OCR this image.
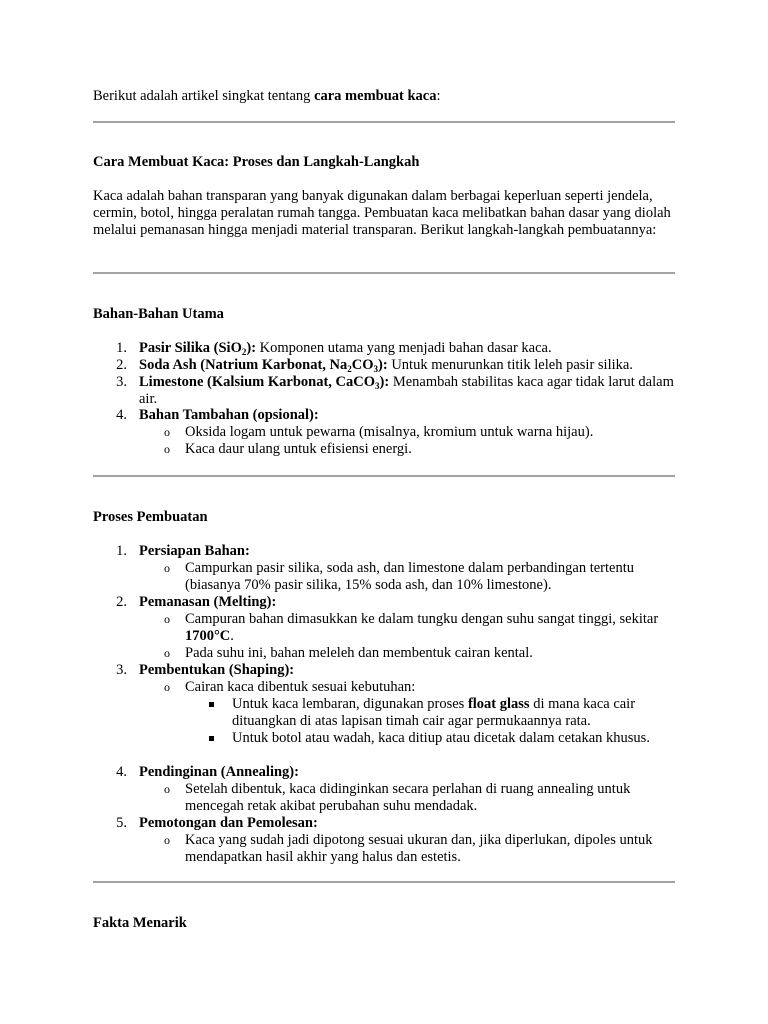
Berikut adalah artikel singkat tentang cara membuat kaca:

Cara Membuat Kaca: Proses dan Langkah-Langkah

Kaca adalah bahan transparan yang banyak digunakan dalam berbagai keperluan seperti jendela, cermin, botol, hingga peralatan rumah tangga. Pembuatan kaca melibatkan bahan dasar yang diolah melalui pemanasan hingga menjadi material transparan. Berikut langkah-langkah pembuatannya:

Bahan-Bahan Utama

1. Pasir Silika (SiO$_2$): Komponen utama yang menjadi bahan dasar kaca.
2. Soda Ash (Natrium Karbonat, $Na_2CO_3$): Untuk menurunkan titik leleh pasir silika.
3. Limestone (Kalsium Karbonat, CaCO$_3$): Menambah stabilitas kaca agar tidak larut dalam air.
4. Bahan Tambahan (opsional):
o Oksida logam untuk pewarna (misalnya, kromium untuk warna hijau).
o Kaca daur ulang untuk efisiensi energi.

Proses Pembuatan

1. Persiapan Bahan:
o Campurkan pasir silika, soda ash, dan limestone dalam perbandingan tertentu (biasanya 70% pasir silika, 15% soda ash, dan 10% limestone).
2. Pemanasan (Melting):
o Campuran bahan dimasukkan ke dalam tungku dengan suhu sangat tinggi, sekitar 1700°C.
o Pada suhu ini, bahan meleleh dan membentuk cairan kental.
3. Pembentukan (Shaping):
o Cairan kaca dibentuk sesuai kebutuhan:
Untuk kaca lembaran, digunakan proses float glass di mana kaca cair dituangkan di atas lapisan timah cair agar permukaannya rata.
Untuk botol atau wadah, kaca ditiup atau dicetak dalam cetakan khusus.
4. Pendinginan (Annealing):
o Setelah dibentuk, kaca didinginkan secara perlahan di ruang annealing untuk mencegah retak akibat perubahan suhu mendadak.
5. Pemotongan dan Pemolesan:
o Kaca yang sudah jadi dipotong sesuai ukuran dan, jika diperlukan, dipoles untuk mendapatkan hasil akhir yang halus dan estetis.

Fakta Menarik
